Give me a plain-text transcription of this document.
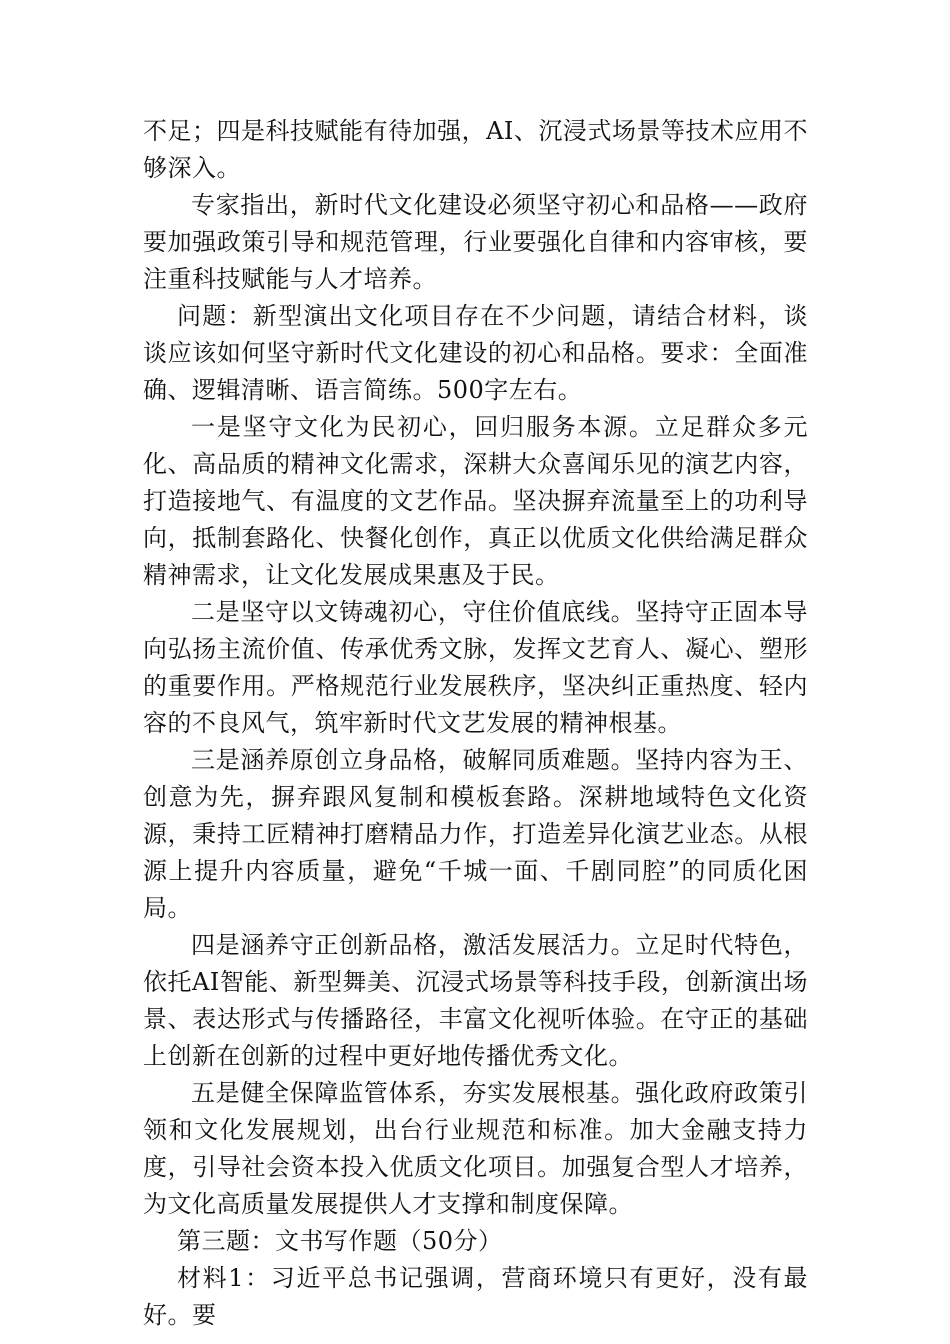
不足；四是科技赋能有待加强，AI、沉浸式场景等技术应用不够深入。

专家指出，新时代文化建设必须坚守初心和品格——政府要加强政策引导和规范管理，行业要强化自律和内容审核，要注重科技赋能与人才培养。

问题：新型演出文化项目存在不少问题，请结合材料，谈谈应该如何坚守新时代文化建设的初心和品格。要求：全面准确、逻辑清晰、语言简练。500字左右。

一是坚守文化为民初心，回归服务本源。立足群众多元化、高品质的精神文化需求，深耕大众喜闻乐见的演艺内容，打造接地气、有温度的文艺作品。坚决摒弃流量至上的功利导向，抵制套路化、快餐化创作，真正以优质文化供给满足群众精神需求，让文化发展成果惠及于民。

二是坚守以文铸魂初心，守住价值底线。坚持守正固本导向弘扬主流价值、传承优秀文脉，发挥文艺育人、凝心、塑形的重要作用。严格规范行业发展秩序，坚决纠正重热度、轻内容的不良风气，筑牢新时代文艺发展的精神根基。

三是涵养原创立身品格，破解同质难题。坚持内容为王、创意为先，摒弃跟风复制和模板套路。深耕地域特色文化资源，秉持工匠精神打磨精品力作，打造差异化演艺业态。从根源上提升内容质量，避免“千城一面、千剧同腔”的同质化困局。

四是涵养守正创新品格，激活发展活力。立足时代特色，依托AI智能、新型舞美、沉浸式场景等科技手段，创新演出场景、表达形式与传播路径，丰富文化视听体验。在守正的基础上创新在创新的过程中更好地传播优秀文化。

五是健全保障监管体系，夯实发展根基。强化政府政策引领和文化发展规划，出台行业规范和标准。加大金融支持力度，引导社会资本投入优质文化项目。加强复合型人才培养，为文化高质量发展提供人才支撑和制度保障。

第三题：文书写作题（50分）

材料1：习近平总书记强调，营商环境只有更好，没有最好。要
